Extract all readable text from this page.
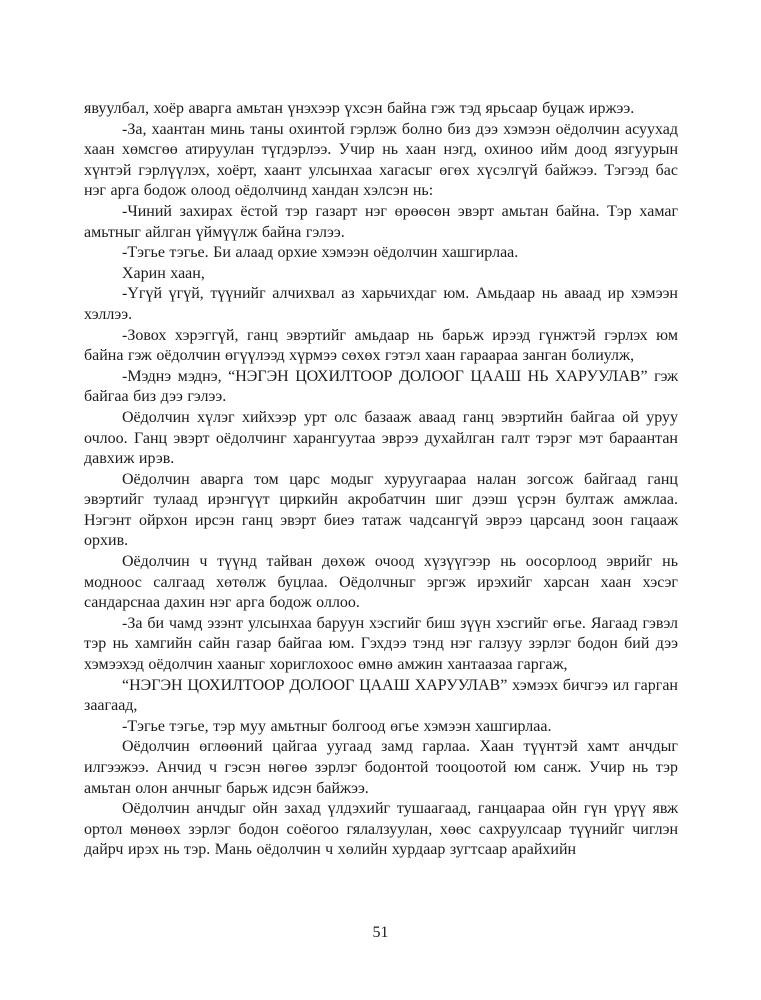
явуулбал, хоёр аварга амьтан үнэхээр үхсэн байна гэж тэд ярьсаар буцаж иржээ.

-За, хаантан минь таны охинтой гэрлэж болно биз дээ хэмээн оёдолчин асуухад хаан хөмсгөө атируулан түгдэрлээ. Учир нь хаан нэгд, охиноо ийм доод язгуурын хүнтэй гэрлүүлэх, хоёрт, хаант улсынхаа хагасыг өгөх хүсэлгүй байжээ. Тэгээд бас нэг арга бодож олоод оёдолчинд хандан хэлсэн нь:

-Чиний захирах ёстой тэр газарт нэг өрөөсөн эвэрт амьтан байна. Тэр хамаг амьтныг айлган үймүүлж байна гэлээ.

-Тэгье тэгье. Би алаад орхие хэмээн оёдолчин хашгирлаа.

Харин хаан,

-Үгүй үгүй, түүнийг алчихвал аз харьчихдаг юм. Амьдаар нь аваад ир хэмээн хэллээ.

-Зовох хэрэггүй, ганц эвэртийг амьдаар нь барьж ирээд гүнжтэй гэрлэх юм байна гэж оёдолчин өгүүлээд хүрмээ сөхөх гэтэл хаан гараараа занган болиулж,

-Мэднэ мэднэ, “НЭГЭН ЦОХИЛТООР ДОЛООГ ЦААШ НЬ ХАРУУЛАВ” гэж байгаа биз дээ гэлээ.

Оёдолчин хүлэг хийхээр урт олс базааж аваад ганц эвэртийн байгаа ой уруу очлоо. Ганц эвэрт оёдолчинг харангуутаа эврээ духайлган галт тэрэг мэт бараантан давхиж ирэв.

Оёдолчин аварга том царс модыг хуруугаараа налан зогсож байгаад ганц эвэртийг тулаад ирэнгүүт циркийн акробатчин шиг дээш үсрэн бултаж амжлаа. Нэгэнт ойрхон ирсэн ганц эвэрт биеэ татаж чадсангүй эврээ царсанд зоон гацааж орхив.

Оёдолчин ч түүнд тайван дөхөж очоод хүзүүгээр нь оосорлоод эврийг нь модноос салгаад хөтөлж буцлаа. Оёдолчныг эргэж ирэхийг харсан хаан хэсэг сандарснаа дахин нэг арга бодож оллоо.

-За би чамд эзэнт улсынхаа баруун хэсгийг биш зүүн хэсгийг өгье. Яагаад гэвэл тэр нь хамгийн сайн газар байгаа юм. Гэхдээ тэнд нэг галзуу зэрлэг бодон бий дээ хэмээхэд оёдолчин хааныг хориглохоос өмнө амжин хантаазаа гаргаж,

“НЭГЭН ЦОХИЛТООР ДОЛООГ ЦААШ ХАРУУЛАВ” хэмээх бичгээ ил гарган заагаад,

-Тэгье тэгье, тэр муу амьтныг болгоод өгье хэмээн хашгирлаа.

Оёдолчин өглөөний цайгаа уугаад замд гарлаа. Хаан түүнтэй хамт анчдыг илгээжээ. Анчид ч гэсэн нөгөө зэрлэг бодонтой тооцоотой юм санж. Учир нь тэр амьтан олон анчныг барьж идсэн байжээ.

Оёдолчин анчдыг ойн захад үлдэхийг тушаагаад, ганцаараа ойн гүн үрүү явж ортол мөнөөх зэрлэг бодон соёогоо гялалзуулан, хөөс сахруулсаар түүнийг чиглэн дайрч ирэх нь тэр. Мань оёдолчин ч хөлийн хурдаар зугтсаар арайхийн

51
